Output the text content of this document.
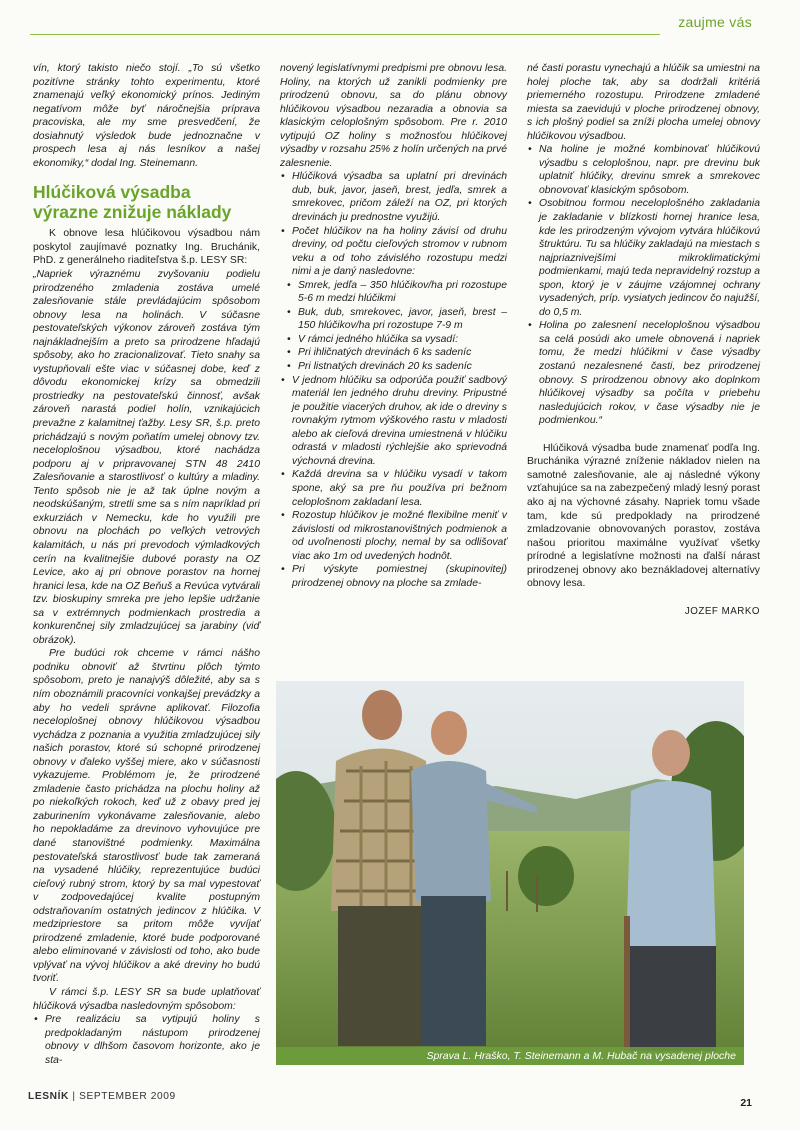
zaujme vás

vín, ktorý takisto niečo stojí. „To sú všetko pozitívne stránky tohto experimentu, ktoré znamenajú veľký ekonomický prínos. Jediným negatívom môže byť náročnejšia príprava pracoviska, ale my sme presvedčení, že dosiahnutý výsledok bude jednoznačne v prospech lesa aj nás lesníkov a našej ekonomiky,“ dodal Ing. Steinemann.

Hlúčiková výsadba výrazne znižuje náklady

K obnove lesa hlúčikovou výsadbou nám poskytol zaujímavé poznatky Ing. Bruchánik, PhD. z generálneho riaditeľstva š.p. LESY SR:

„Napriek výraznému zvyšovaniu podielu prirodzeného zmladenia zostáva umelé zalesňovanie stále prevládajúcim spôsobom obnovy lesa na holinách. V súčasne pestovateľských výkonov zároveň zostáva tým najnákladnejším a preto sa prirodzene hľadajú spôsoby, ako ho zracionalizovať. Tieto snahy sa vystupňovali ešte viac v súčasnej dobe, keď z dôvodu ekonomickej krízy sa obmedzili prostriedky na pestovateľskú činnosť, avšak zároveň narastá podiel holín, vznikajúcich prevažne z kalamitnej ťažby. Lesy SR, š.p. preto prichádzajú s novým poňatím umelej obnovy tzv. neceloplošnou výsadbou, ktoré nachádza podporu aj v pripravovanej STN 48 2410 Zalesňovanie a starostlivosť o kultúry a mladiny. Tento spôsob nie je až tak úplne novým a neodskúšaným, stretli sme sa s ním napríklad pri exkurziách v Nemecku, kde ho využili pre obnovu na plochách po veľkých vetrových kalamitách, u nás pri prevodoch výmladkových cerín na kvalitnejšie dubové porasty na OZ Levice, ako aj pri obnove porastov na hornej hranici lesa, kde na OZ Beňuš a Revúca vytvárali tzv. bioskupiny smreka pre jeho lepšie udržanie sa v extrémnych podmienkach prostredia a konkurenčnej sily zmladzujúcej sa jarabiny (viď obrázok).

Pre budúci rok chceme v rámci nášho podniku obnoviť až štvrtinu plôch týmto spôsobom, preto je nanajvýš dôležité, aby sa s ním oboznámili pracovníci vonkajšej prevádzky a aby ho vedeli správne aplikovať. Filozofia neceloplošnej obnovy hlúčikovou výsadbou vychádza z poznania a využitia zmladzujúcej sily našich porastov, ktoré sú schopné prirodzenej obnovy v ďaleko vyššej miere, ako v súčasnosti vykazujeme. Problémom je, že prirodzené zmladenie často prichádza na plochu holiny až po niekoľkých rokoch, keď už z obavy pred jej zaburinením vykonávame zalesňovanie, alebo ho nepokladáme za drevinovo vyhovujúce pre dané stanovištné podmienky. Maximálna pestovateľská starostlivosť bude tak zameraná na vysadené hlúčiky, reprezentujúce budúci cieľový rubný strom, ktorý by sa mal vypestovať v zodpovedajúcej kvalite postupným odstraňovaním ostatných jedincov z hlúčika. V medzipriestore sa pritom môže vyvíjať prirodzené zmladenie, ktoré bude podporované alebo eliminované v závislosti od toho, ako bude vplývať na vývoj hlúčikov a aké dreviny ho budú tvoriť.

V rámci š.p. LESY SR sa bude uplatňovať hlúčiková výsadba nasledovným spôsobom:

• Pre realizáciu sa vytipujú holiny s predpokladaným nástupom prirodzenej obnovy v dlhšom časovom horizonte, ako je sta-

novený legislatívnymi predpismi pre obnovu lesa. Holiny, na ktorých už zanikli podmienky pre prirodzenú obnovu, sa do plánu obnovy hlúčikovou výsadbou nezaradia a obnovia sa klasickým celoplošným spôsobom. Pre r. 2010 vytipujú OZ holiny s možnosťou hlúčikovej výsadby v rozsahu 25% z holín určených na prvé zalesnenie.

• Hlúčiková výsadba sa uplatní pri drevinách dub, buk, javor, jaseň, brest, jedľa, smrek a smrekovec, pričom záleží na OZ, pri ktorých drevinách ju prednostne využijú.
• Počet hlúčikov na ha holiny závisí od druhu dreviny, od počtu cieľových stromov v rubnom veku a od toho závislého rozostupu medzi nimi a je daný nasledovne:
• Smrek, jedľa – 350 hlúčikov/ha pri rozostupe 5-6 m medzi hlúčikmi
• Buk, dub, smrekovec, javor, jaseň, brest – 150 hlúčikov/ha pri rozostupe 7-9 m
• V rámci jedného hlúčika sa vysadí:
• Pri ihličnatých drevinách 6 ks sadeníc
• Pri listnatých drevinách 20 ks sadeníc
• V jednom hlúčiku sa odporúča použiť sadbový materiál len jedného druhu dreviny. Pripustné je použitie viacerých druhov, ak ide o dreviny s rovnakým rytmom výškového rastu v mladosti alebo ak cieľová drevina umiestnená v hlúčiku odrastá v mladosti rýchlejšie ako sprievodná výchovná drevina.
• Každá drevina sa v hlúčiku vysadí v takom spone, aký sa pre ňu používa pri bežnom celoplošnom zakladaní lesa.
• Rozostup hlúčikov je možné flexibilne meniť v závislosti od mikrostanovištných podmienok a od uvoľnenosti plochy, nemal by sa odlišovať viac ako 1m od uvedených hodnôt.
• Pri výskyte pomiestnej (skupinovitej) prirodzenej obnovy na ploche sa zmlade-

né časti porastu vynechajú a hlúčik sa umiestni na holej ploche tak, aby sa dodržali kritériá priemerného rozostupu. Prirodzene zmladené miesta sa zaevidujú v ploche prirodzenej obnovy, s ich plošný podiel sa zníži plocha umelej obnovy hlúčikovou výsadbou.

• Na holine je možné kombinovať hlúčikovú výsadbu s celoplošnou, napr. pre drevinu buk uplatniť hlúčiky, drevinu smrek a smrekovec obnovovať klasickým spôsobom.
• Osobitnou formou neceloplošného zakladania je zakladanie v blízkosti hornej hranice lesa, kde les prirodzeným vývojom vytvára hlúčikovú štruktúru. Tu sa hlúčiky zakladajú na miestach s najpriaznivejšími mikroklimatickými podmienkami, majú teda nepravidelný rozstup a spon, ktorý je v záujme vzájomnej ochrany vysadených, príp. vysiatych jedincov čo najužší, do 0,5 m.
• Holina po zalesnení neceloplošnou výsadbou sa celá posúdi ako umele obnovená i napriek tomu, že medzi hlúčikmi v čase výsadby zostanú nezalesnené časti, bez prirodzenej obnovy. S prirodzenou obnovy ako doplnkom hlúčikovej výsadby sa počíta v priebehu nasledujúcich rokov, v čase výsadby nie je podmienkou.“

Hlúčiková výsadba bude znamenať podľa Ing. Bruchánika výrazné zníženie nákladov nielen na samotné zalesňovanie, ale aj následné výkony vzťahujúce sa na zabezpečený mladý lesný porast ako aj na výchovné zásahy. Napriek tomu všade tam, kde sú predpoklady na prirodzené zmladzovanie obnovovaných porastov, zostáva našou prioritou maximálne využívať všetky prírodné a legislatívne možnosti na ďalší nárast prirodzenej obnovy ako beznákladovej alternatívy obnovy lesa.

JOZEF MARKO

Sprava L. Hraško, T. Steinemann a M. Hubač na vysadenej ploche
LESNÍK | SEPTEMBER 2009
21
